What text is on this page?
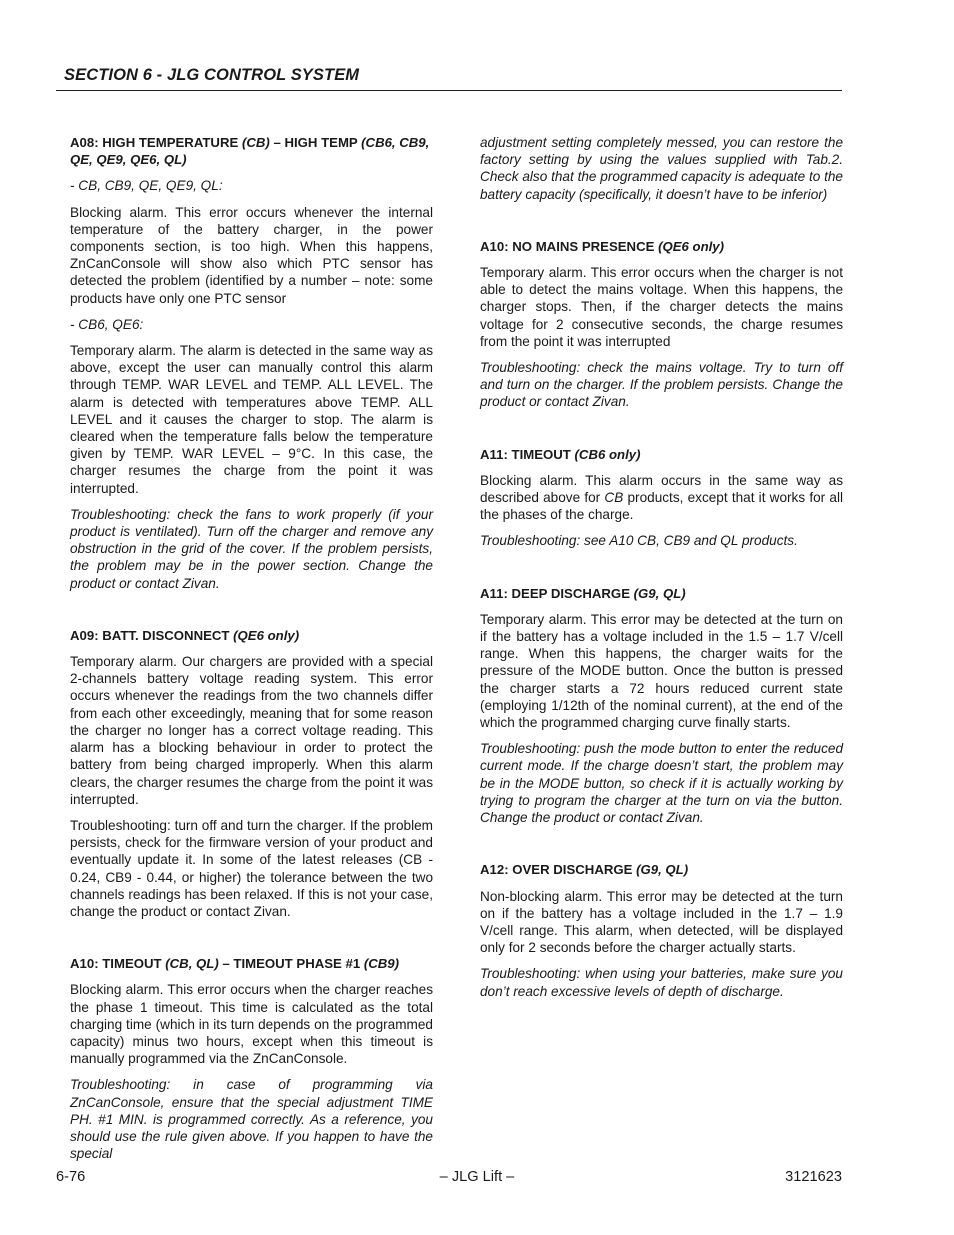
SECTION 6 - JLG CONTROL SYSTEM
A08: HIGH TEMPERATURE (CB) – HIGH TEMP (CB6, CB9, QE, QE9, QE6, QL)

- CB, CB9, QE, QE9, QL:

Blocking alarm. This error occurs whenever the internal temperature of the battery charger, in the power components section, is too high. When this happens, ZnCanConsole will show also which PTC sensor has detected the problem (identified by a number – note: some products have only one PTC sensor

- CB6, QE6:

Temporary alarm. The alarm is detected in the same way as above, except the user can manually control this alarm through TEMP. WAR LEVEL and TEMP. ALL LEVEL. The alarm is detected with temperatures above TEMP. ALL LEVEL and it causes the charger to stop. The alarm is cleared when the temperature falls below the temperature given by TEMP. WAR LEVEL – 9°C. In this case, the charger resumes the charge from the point it was interrupted.

Troubleshooting: check the fans to work properly (if your product is ventilated). Turn off the charger and remove any obstruction in the grid of the cover. If the problem persists, the problem may be in the power section. Change the product or contact Zivan.

A09: BATT. DISCONNECT (QE6 only)

Temporary alarm. Our chargers are provided with a special 2-channels battery voltage reading system. This error occurs whenever the readings from the two channels differ from each other exceedingly, meaning that for some reason the charger no longer has a correct voltage reading. This alarm has a blocking behaviour in order to protect the battery from being charged improperly. When this alarm clears, the charger resumes the charge from the point it was interrupted.

Troubleshooting: turn off and turn the charger. If the problem persists, check for the firmware version of your product and eventually update it. In some of the latest releases (CB - 0.24, CB9 - 0.44, or higher) the tolerance between the two channels readings has been relaxed. If this is not your case, change the product or contact Zivan.

A10: TIMEOUT (CB, QL) – TIMEOUT PHASE #1 (CB9)

Blocking alarm. This error occurs when the charger reaches the phase 1 timeout. This time is calculated as the total charging time (which in its turn depends on the programmed capacity) minus two hours, except when this timeout is manually programmed via the ZnCanConsole.

Troubleshooting: in case of programming via ZnCanConsole, ensure that the special adjustment TIME PH. #1 MIN. is programmed correctly. As a reference, you should use the rule given above. If you happen to have the special

adjustment setting completely messed, you can restore the factory setting by using the values supplied with Tab.2. Check also that the programmed capacity is adequate to the battery capacity (specifically, it doesn’t have to be inferior)

A10: NO MAINS PRESENCE (QE6 only)

Temporary alarm. This error occurs when the charger is not able to detect the mains voltage. When this happens, the charger stops. Then, if the charger detects the mains voltage for 2 consecutive seconds, the charge resumes from the point it was interrupted

Troubleshooting: check the mains voltage. Try to turn off and turn on the charger. If the problem persists. Change the product or contact Zivan.

A11: TIMEOUT (CB6 only)

Blocking alarm. This alarm occurs in the same way as described above for CB products, except that it works for all the phases of the charge.

Troubleshooting: see A10 CB, CB9 and QL products.

A11: DEEP DISCHARGE (G9, QL)

Temporary alarm. This error may be detected at the turn on if the battery has a voltage included in the 1.5 – 1.7 V/cell range. When this happens, the charger waits for the pressure of the MODE button. Once the button is pressed the charger starts a 72 hours reduced current state (employing 1/12th of the nominal current), at the end of the which the programmed charging curve finally starts.

Troubleshooting: push the mode button to enter the reduced current mode. If the charge doesn’t start, the problem may be in the MODE button, so check if it is actually working by trying to program the charger at the turn on via the button. Change the product or contact Zivan.

A12: OVER DISCHARGE (G9, QL)

Non-blocking alarm. This error may be detected at the turn on if the battery has a voltage included in the 1.7 – 1.9 V/cell range. This alarm, when detected, will be displayed only for 2 seconds before the charger actually starts.

Troubleshooting: when using your batteries, make sure you don’t reach excessive levels of depth of discharge.

6-76	– JLG Lift –	3121623
